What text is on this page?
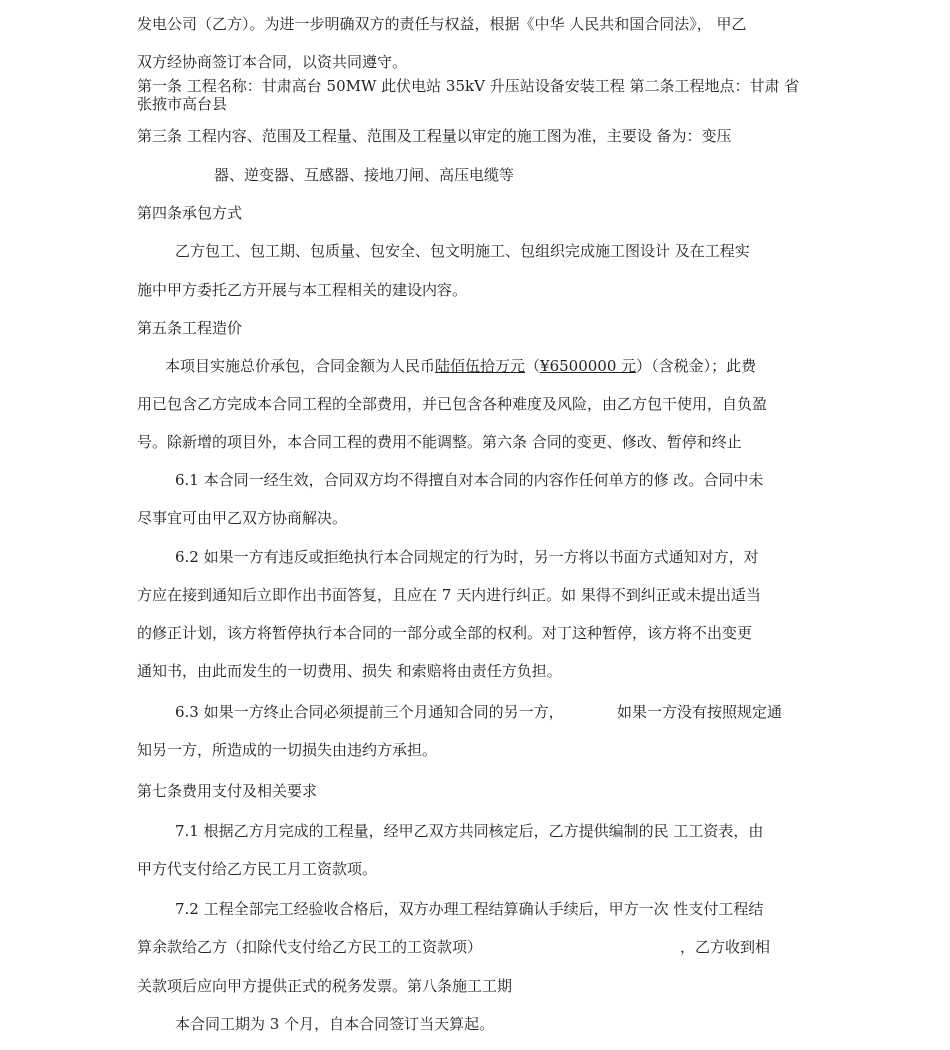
发电公司（乙方）。为进一步明确双方的责任与权益，根据《中华 人民共和国合同法》， 甲乙
双方经协商签订本合同，以资共同遵守。
第一条 工程名称：甘肃高台 50MW 此伏电站 35kV 升压站设备安装工程 第二条工程地点：甘肃 省
张掖市高台县
第三条 工程内容、范围及工程量、范围及工程量以审定的施工图为准，主要设 备为：变压
器、逆变器、互感器、接地刀闸、高压电缆等
第四条承包方式
乙方包工、包工期、包质量、包安全、包文明施工、包组织完成施工图设计 及在工程实
施中甲方委托乙方开展与本工程相关的建设内容。
第五条工程造价
本项目实施总价承包，合同金额为人民币陆佰伍拾万元（¥6500000 元）（含税金）；此费
用已包含乙方完成本合同工程的全部费用，并已包含各种难度及风险，由乙方包干使用，自负盈
号。除新增的项目外，本合同工程的费用不能调整。第六条 合同的变更、修改、暂停和终止
6.1 本合同一经生效，合同双方均不得擅自对本合同的内容作任何单方的修 改。合同中未
尽事宜可由甲乙双方协商解决。
6.2 如果一方有违反或拒绝执行本合同规定的行为时，另一方将以书面方式通知对方，对
方应在接到通知后立即作出书面答复，且应在 7 天内进行纠正。如 果得不到纠正或未提出适当
的修正计划，该方将暂停执行本合同的一部分或全部的权利。对丁这种暂停，该方将不出变更
通知书，由此而发生的一切费用、损失 和索赔将由责任方负担。
6.3 如果一方终止合同必须提前三个月通知合同的另一方，	如果一方没有按照规定通
知另一方，所造成的一切损失由违约方承担。
第七条费用支付及相关要求
7.1 根据乙方月完成的工程量，经甲乙双方共同核定后，乙方提供编制的民 工工资表，由
甲方代支付给乙方民工月工资款项。
7.2 工程全部完工经验收合格后，双方办理工程结算确认手续后，甲方一次 性支付工程结
算余款给乙方（扣除代支付给乙方民工的工资款项）	，乙方收到相
关款项后应向甲方提供正式的税务发票。第八条施工工期
本合同工期为 3 个月，自本合同签订当天算起。
